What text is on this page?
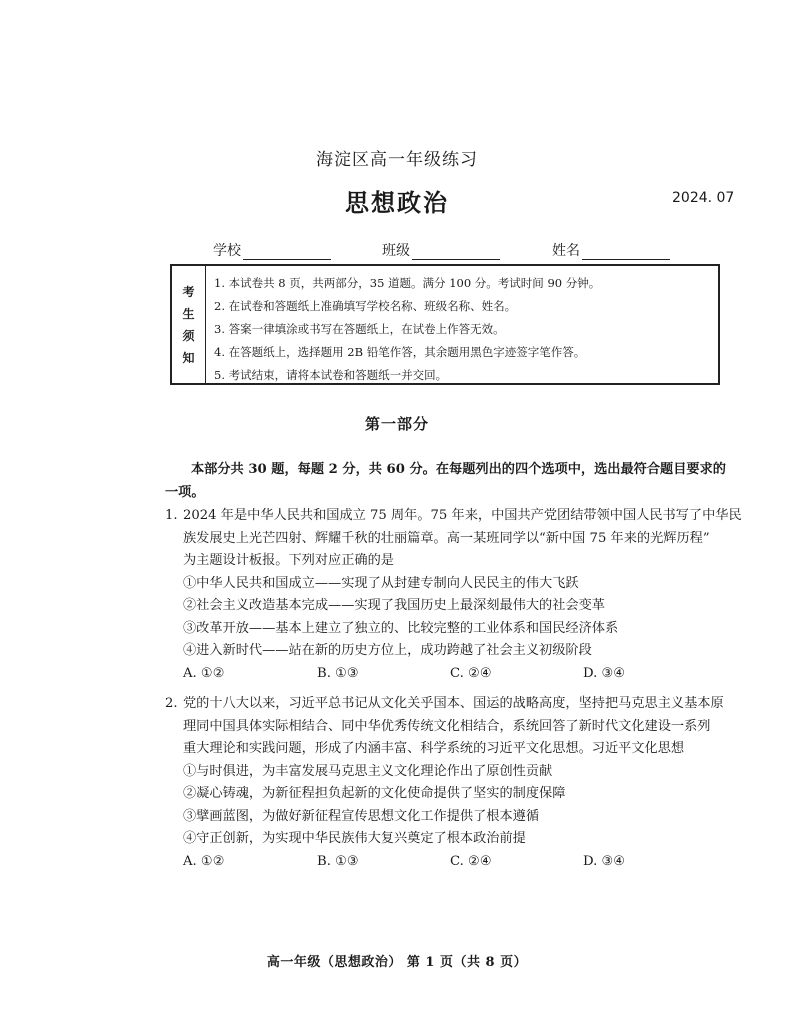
海淀区高一年级练习
思想政治	2024. 07
学校	班级	姓名
考
生
须
知
1. 本试卷共 8 页，共两部分，35 道题。满分 100 分。考试时间 90 分钟。
2. 在试卷和答题纸上准确填写学校名称、班级名称、姓名。
3. 答案一律填涂或书写在答题纸上，在试卷上作答无效。
4. 在答题纸上，选择题用 2B 铅笔作答，其余题用黑色字迹签字笔作答。
5. 考试结束，请将本试卷和答题纸一并交回。
第一部分
本部分共 30 题，每题 2 分，共 60 分。在每题列出的四个选项中，选出最符合题目要求的
一项。
1. 2024 年是中华人民共和国成立 75 周年。75 年来，中国共产党团结带领中国人民书写了中华民
族发展史上光芒四射、辉耀千秋的壮丽篇章。高一某班同学以“新中国 75 年来的光辉历程”
为主题设计板报。下列对应正确的是
①中华人民共和国成立——实现了从封建专制向人民民主的伟大飞跃
②社会主义改造基本完成——实现了我国历史上最深刻最伟大的社会变革
③改革开放——基本上建立了独立的、比较完整的工业体系和国民经济体系
④进入新时代——站在新的历史方位上，成功跨越了社会主义初级阶段
A. ①②	B. ①③	C. ②④	D. ③④
2. 党的十八大以来，习近平总书记从文化关乎国本、国运的战略高度，坚持把马克思主义基本原
理同中国具体实际相结合、同中华优秀传统文化相结合，系统回答了新时代文化建设一系列
重大理论和实践问题，形成了内涵丰富、科学系统的习近平文化思想。习近平文化思想
①与时俱进，为丰富发展马克思主义文化理论作出了原创性贡献
②凝心铸魂，为新征程担负起新的文化使命提供了坚实的制度保障
③擘画蓝图，为做好新征程宣传思想文化工作提供了根本遵循
④守正创新，为实现中华民族伟大复兴奠定了根本政治前提
A. ①②	B. ①③	C. ②④	D. ③④
高一年级（思想政治） 第 1 页（共 8 页）
